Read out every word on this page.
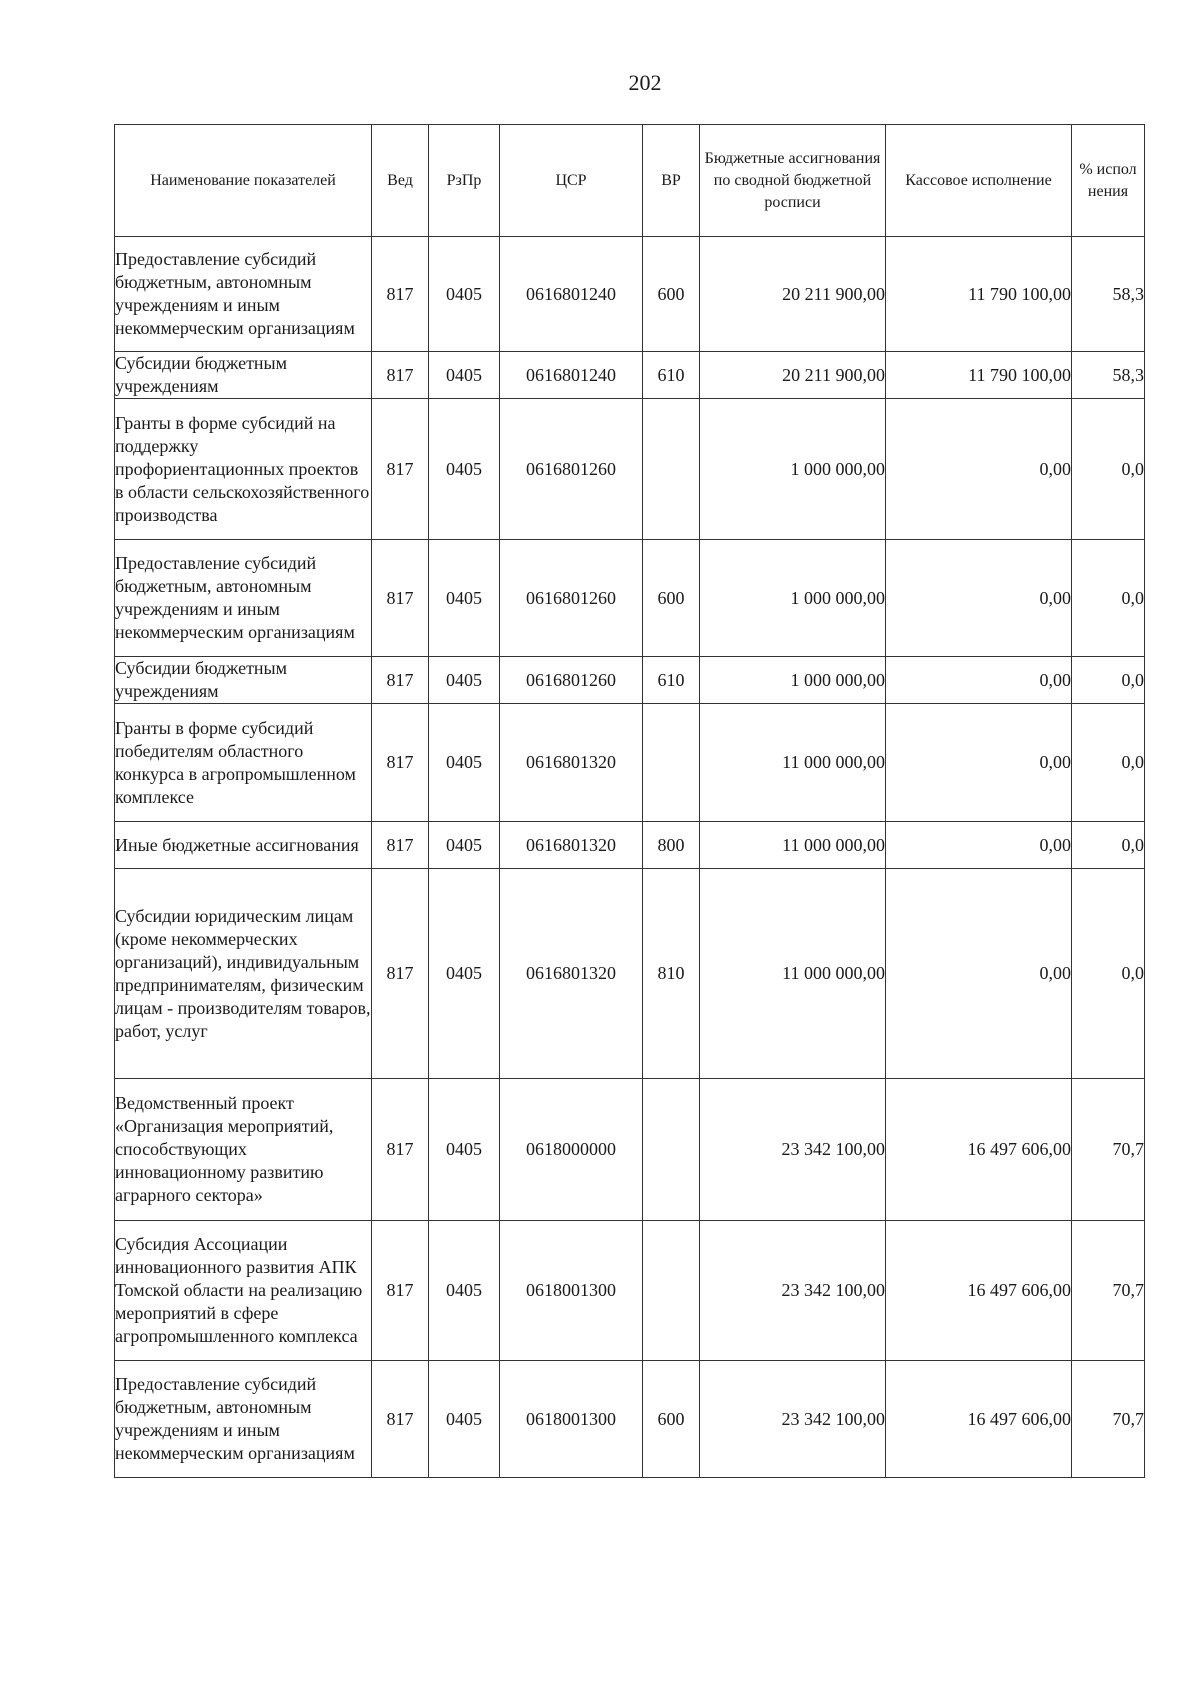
202
Наименование показателей	Вед	РзПр	ЦСР	ВР	Бюджетные ассигнования по сводной бюджетной росписи	Кассовое исполнение	% испол нения
Предоставление субсидий бюджетным, автономным учреждениям и иным некоммерческим организациям	817	0405	0616801240	600	20 211 900,00	11 790 100,00	58,3
Субсидии бюджетным учреждениям	817	0405	0616801240	610	20 211 900,00	11 790 100,00	58,3
Гранты в форме субсидий на поддержку профориентационных проектов в области сельскохозяйственного производства	817	0405	0616801260		1 000 000,00	0,00	0,0
Предоставление субсидий бюджетным, автономным учреждениям и иным некоммерческим организациям	817	0405	0616801260	600	1 000 000,00	0,00	0,0
Субсидии бюджетным учреждениям	817	0405	0616801260	610	1 000 000,00	0,00	0,0
Гранты в форме субсидий победителям областного конкурса в агропромышленном комплексе	817	0405	0616801320		11 000 000,00	0,00	0,0
Иные бюджетные ассигнования	817	0405	0616801320	800	11 000 000,00	0,00	0,0
Субсидии юридическим лицам (кроме некоммерческих организаций), индивидуальным предпринимателям, физическим лицам - производителям товаров, работ, услуг	817	0405	0616801320	810	11 000 000,00	0,00	0,0
Ведомственный проект «Организация мероприятий, способствующих инновационному развитию аграрного сектора»	817	0405	0618000000		23 342 100,00	16 497 606,00	70,7
Субсидия Ассоциации инновационного развития АПК Томской области на реализацию мероприятий в сфере агропромышленного комплекса	817	0405	0618001300		23 342 100,00	16 497 606,00	70,7
Предоставление субсидий бюджетным, автономным учреждениям и иным некоммерческим организациям	817	0405	0618001300	600	23 342 100,00	16 497 606,00	70,7
